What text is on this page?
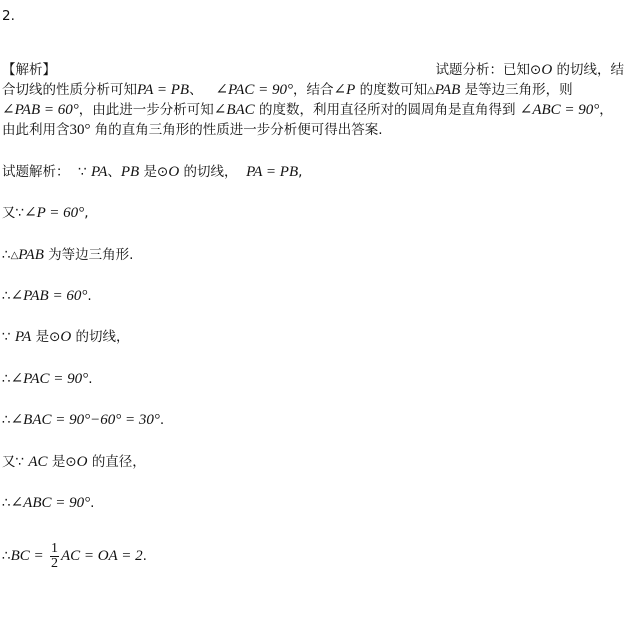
2.
【解析】	试题分析：已知⊙O 的切线，结
合切线的性质分析可知PA = PB、 ∠PAC = 90°，结合∠P 的度数可知△PAB 是等边三角形，则
∠PAB = 60°，由此进一步分析可知∠BAC 的度数，利用直径所对的圆周角是直角得到 ∠ABC = 90°，
由此利用含30° 角的直角三角形的性质进一步分析便可得出答案.
试题解析： ∵ PA、PB 是⊙O 的切线， PA = PB,
又∵∠P = 60°,
∴△PAB 为等边三角形.
∴∠PAB = 60°.
∵ PA 是⊙O 的切线，
∴∠PAC = 90°.
∴∠BAC = 90°−60° = 30°.
又∵ AC 是⊙O 的直径，
∴∠ABC = 90°.
∴BC = $\frac{1}{2}$ AC = OA = 2.
